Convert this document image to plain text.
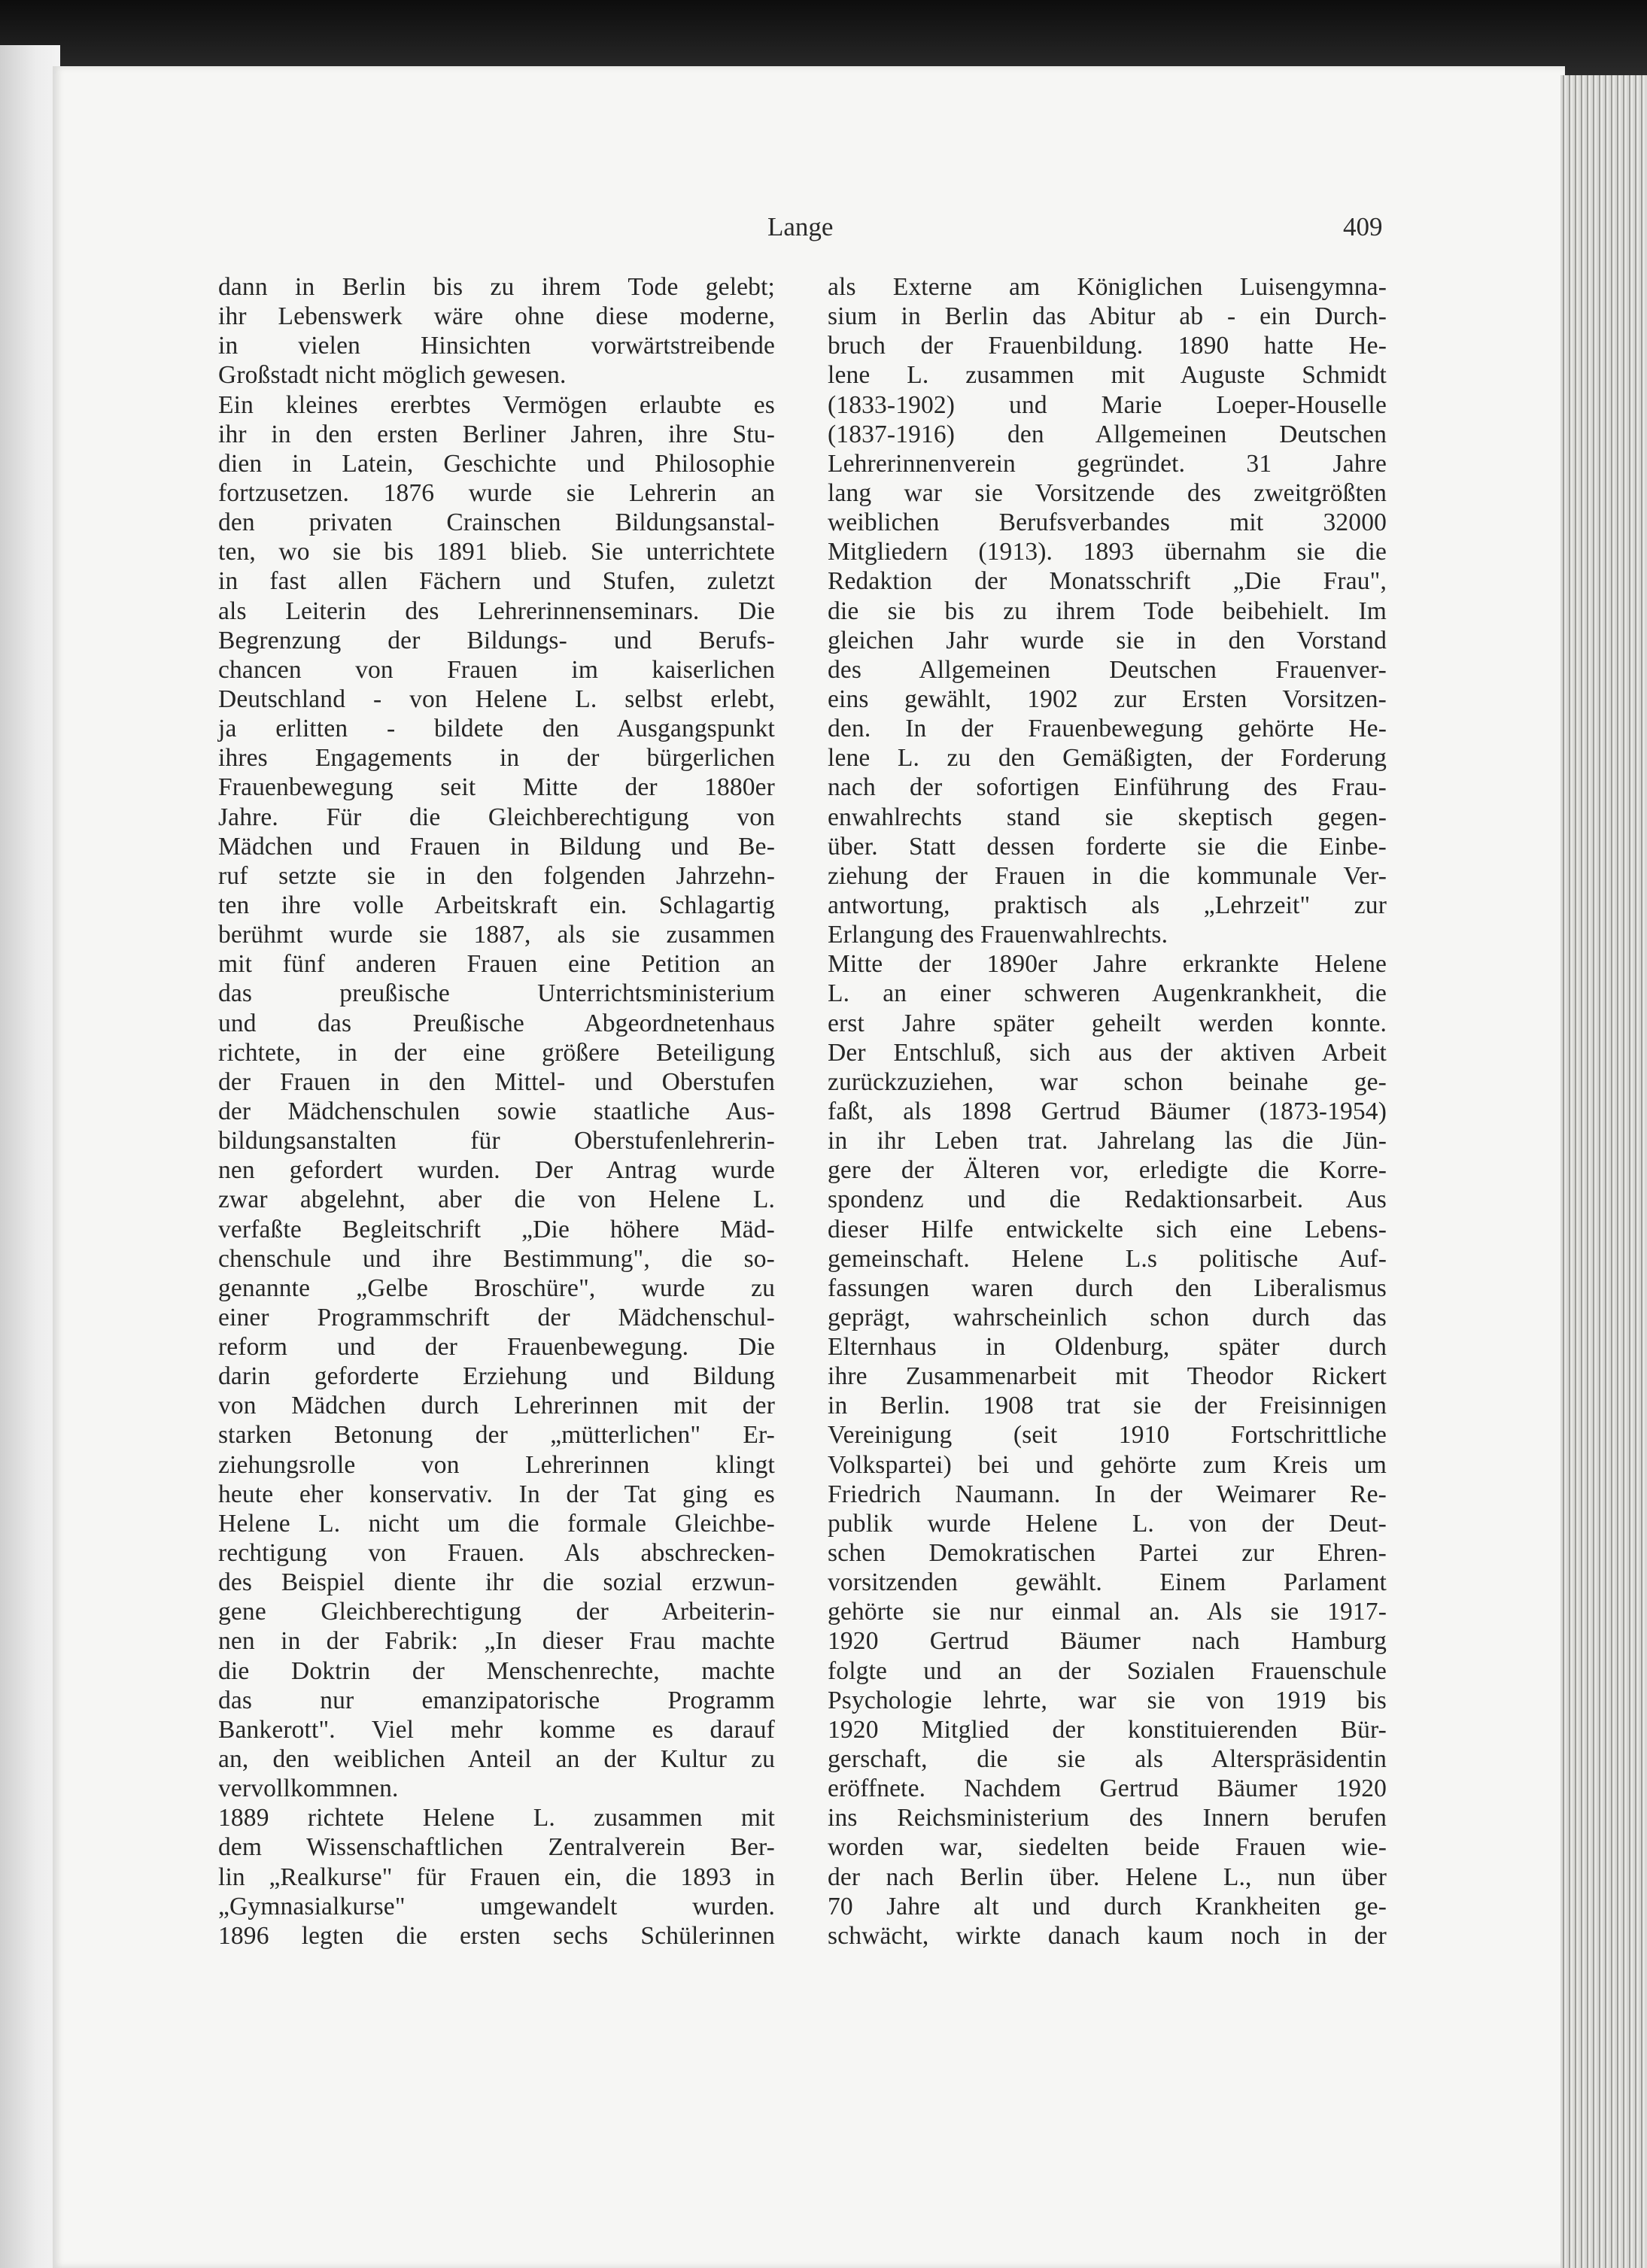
Lange	409
dann in Berlin bis zu ihrem Tode gelebt;
ihr Lebenswerk wäre ohne diese moderne,
in vielen Hinsichten vorwärtstreibende
Großstadt nicht möglich gewesen.
Ein kleines ererbtes Vermögen erlaubte es
ihr in den ersten Berliner Jahren, ihre Stu-
dien in Latein, Geschichte und Philosophie
fortzusetzen. 1876 wurde sie Lehrerin an
den privaten Crainschen Bildungsanstal-
ten, wo sie bis 1891 blieb. Sie unterrichtete
in fast allen Fächern und Stufen, zuletzt
als Leiterin des Lehrerinnenseminars. Die
Begrenzung der Bildungs- und Berufs-
chancen von Frauen im kaiserlichen
Deutschland - von Helene L. selbst erlebt,
ja erlitten - bildete den Ausgangspunkt
ihres Engagements in der bürgerlichen
Frauenbewegung seit Mitte der 1880er
Jahre. Für die Gleichberechtigung von
Mädchen und Frauen in Bildung und Be-
ruf setzte sie in den folgenden Jahrzehn-
ten ihre volle Arbeitskraft ein. Schlagartig
berühmt wurde sie 1887, als sie zusammen
mit fünf anderen Frauen eine Petition an
das preußische Unterrichtsministerium
und das Preußische Abgeordnetenhaus
richtete, in der eine größere Beteiligung
der Frauen in den Mittel- und Oberstufen
der Mädchenschulen sowie staatliche Aus-
bildungsanstalten für Oberstufenlehrerin-
nen gefordert wurden. Der Antrag wurde
zwar abgelehnt, aber die von Helene L.
verfaßte Begleitschrift „Die höhere Mäd-
chenschule und ihre Bestimmung", die so-
genannte „Gelbe Broschüre", wurde zu
einer Programmschrift der Mädchenschul-
reform und der Frauenbewegung. Die
darin geforderte Erziehung und Bildung
von Mädchen durch Lehrerinnen mit der
starken Betonung der „mütterlichen" Er-
ziehungsrolle von Lehrerinnen klingt
heute eher konservativ. In der Tat ging es
Helene L. nicht um die formale Gleichbe-
rechtigung von Frauen. Als abschrecken-
des Beispiel diente ihr die sozial erzwun-
gene Gleichberechtigung der Arbeiterin-
nen in der Fabrik: „In dieser Frau machte
die Doktrin der Menschenrechte, machte
das nur emanzipatorische Programm
Bankerott". Viel mehr komme es darauf
an, den weiblichen Anteil an der Kultur zu
vervollkommnen.
1889 richtete Helene L. zusammen mit
dem Wissenschaftlichen Zentralverein Ber-
lin „Realkurse" für Frauen ein, die 1893 in
„Gymnasialkurse" umgewandelt wurden.
1896 legten die ersten sechs Schülerinnen
als Externe am Königlichen Luisengymna-
sium in Berlin das Abitur ab - ein Durch-
bruch der Frauenbildung. 1890 hatte He-
lene L. zusammen mit Auguste Schmidt
(1833-1902) und Marie Loeper-Houselle
(1837-1916) den Allgemeinen Deutschen
Lehrerinnenverein gegründet. 31 Jahre
lang war sie Vorsitzende des zweitgrößten
weiblichen Berufsverbandes mit 32000
Mitgliedern (1913). 1893 übernahm sie die
Redaktion der Monatsschrift „Die Frau",
die sie bis zu ihrem Tode beibehielt. Im
gleichen Jahr wurde sie in den Vorstand
des Allgemeinen Deutschen Frauenver-
eins gewählt, 1902 zur Ersten Vorsitzen-
den. In der Frauenbewegung gehörte He-
lene L. zu den Gemäßigten, der Forderung
nach der sofortigen Einführung des Frau-
enwahlrechts stand sie skeptisch gegen-
über. Statt dessen forderte sie die Einbe-
ziehung der Frauen in die kommunale Ver-
antwortung, praktisch als „Lehrzeit" zur
Erlangung des Frauenwahlrechts.
Mitte der 1890er Jahre erkrankte Helene
L. an einer schweren Augenkrankheit, die
erst Jahre später geheilt werden konnte.
Der Entschluß, sich aus der aktiven Arbeit
zurückzuziehen, war schon beinahe ge-
faßt, als 1898 Gertrud Bäumer (1873-1954)
in ihr Leben trat. Jahrelang las die Jün-
gere der Älteren vor, erledigte die Korre-
spondenz und die Redaktionsarbeit. Aus
dieser Hilfe entwickelte sich eine Lebens-
gemeinschaft. Helene L.s politische Auf-
fassungen waren durch den Liberalismus
geprägt, wahrscheinlich schon durch das
Elternhaus in Oldenburg, später durch
ihre Zusammenarbeit mit Theodor Rickert
in Berlin. 1908 trat sie der Freisinnigen
Vereinigung (seit 1910 Fortschrittliche
Volkspartei) bei und gehörte zum Kreis um
Friedrich Naumann. In der Weimarer Re-
publik wurde Helene L. von der Deut-
schen Demokratischen Partei zur Ehren-
vorsitzenden gewählt. Einem Parlament
gehörte sie nur einmal an. Als sie 1917-
1920 Gertrud Bäumer nach Hamburg
folgte und an der Sozialen Frauenschule
Psychologie lehrte, war sie von 1919 bis
1920 Mitglied der konstituierenden Bür-
gerschaft, die sie als Alterspräsidentin
eröffnete. Nachdem Gertrud Bäumer 1920
ins Reichsministerium des Innern berufen
worden war, siedelten beide Frauen wie-
der nach Berlin über. Helene L., nun über
70 Jahre alt und durch Krankheiten ge-
schwächt, wirkte danach kaum noch in der
